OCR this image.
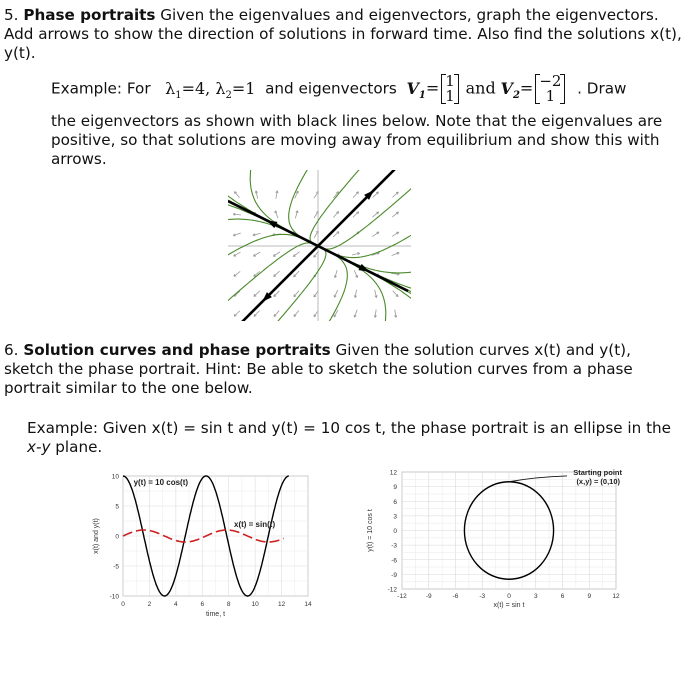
5. Phase portraits Given the eigenvalues and eigenvectors, graph the eigenvectors. Add arrows to show the direction of solutions in forward time. Also find the solutions x(t), y(t).

Example: For $\lambda_1=4$, $\lambda_2=1$ and eigenvectors $V_1= 1$
1 and $V_2= -2$
1	. Draw

the eigenvectors as shown with black lines below. Note that the eigenvalues are positive, so that solutions are moving away from equilibrium and show this with arrows.

6. Solution curves and phase portraits Given the solution curves x(t) and y(t), sketch the phase portrait. Hint: Be able to sketch the solution curves from a phase portrait similar to the one below.

Example: Given x(t) = sin t and y(t) = 10 cos t, the phase portrait is an ellipse in the x-y plane.

0	2	4	6	8	10	12	14
10
5
0
-5
-10
time, t
x(t) and y(t)
y(t) = 10 cos(t)
x(t) = sin(t)
-12	-9	-6	-3	0	3	6	9	12
12
9
6
3
0
-3
-6
-9
-12
x(t) = sin t
y(t) = 10 cos t
Starting point
(x,y) = (0,10)
